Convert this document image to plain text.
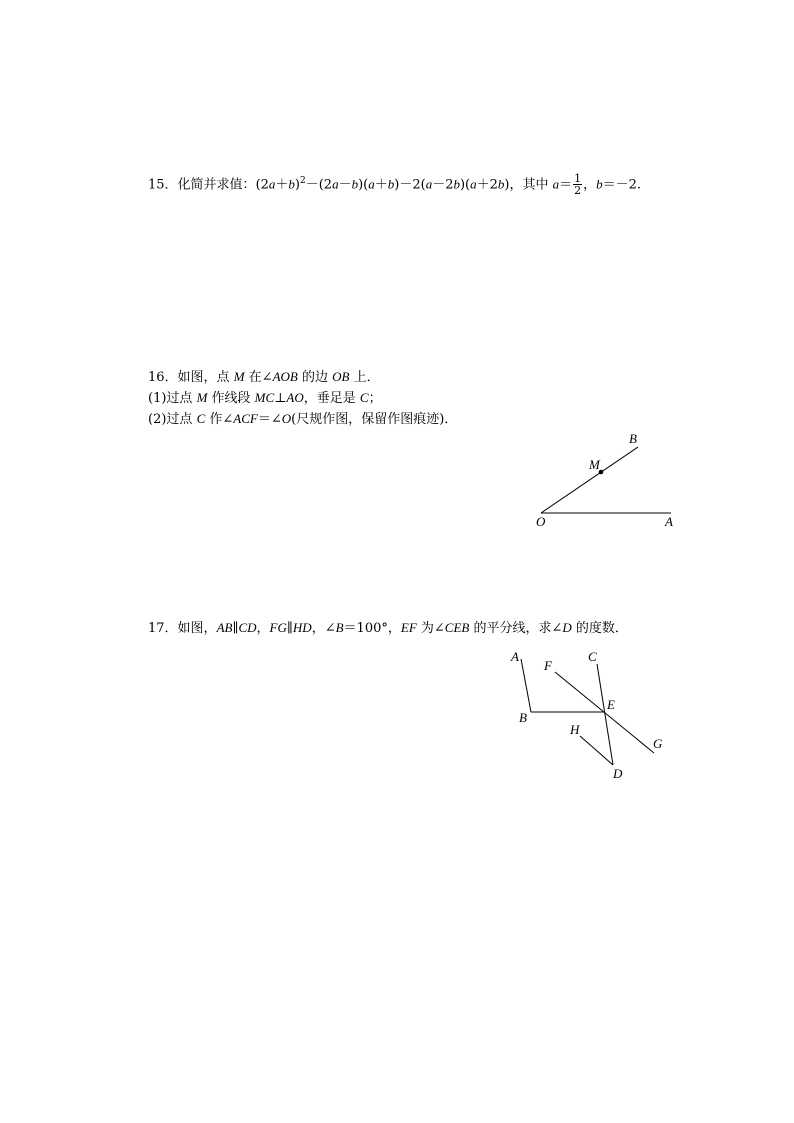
15．化简并求值：$(2a+b)^2-(2a-b)(a+b)-2(a-2b)(a+2b)$，其中 $a= \frac{1}{2}$ ，b＝－2.
16．如图，点 M 在∠AOB 的边 OB 上．
(1)过点 M 作线段 MC⊥AO，垂足是 C；
(2)过点 C 作∠ACF＝∠O(尺规作图，保留作图痕迹)．
B
M
O	A
A
F
C
B
E
H
G
D
17．如图，AB∥CD，FG∥HD，∠B＝100°，EF 为∠CEB 的平分线，求∠D 的度数．
